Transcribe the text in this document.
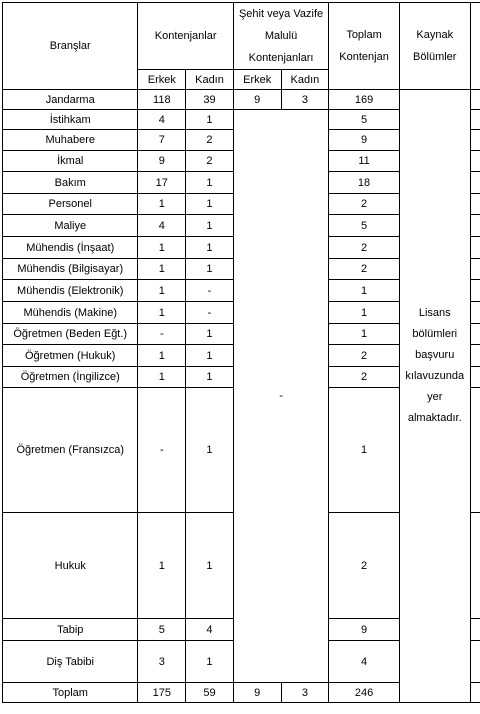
Branşlar	Kontenjanlar		Şehit veya Vazife Malulü Kontenjanları		Toplam Kontenjan	Kaynak Bölümler	
	Erkek	Kadın	Erkek	Kadın			
Jandarma	118	39	9	3	169	Lisans bölümleri başvuru kılavuzunda yer almaktadır.	
İstihkam	4	1	-		5		
Muhabere	7	2			9		
İkmal	9	2			11		
Bakım	17	1			18		
Personel	1	1			2		
Maliye	4	1			5		
Mühendis (İnşaat)	1	1			2		
Mühendis (Bilgisayar)	1	1			2		
Mühendis (Elektronik)	1	-			1		
Mühendis (Makine)	1	-			1		
Öğretmen (Beden Eğt.)	-	1			1		
Öğretmen (Hukuk)	1	1			2		
Öğretmen (İngilizce)	1	1			2		
Öğretmen (Fransızca)	-	1			1		
Hukuk	1	1			2		
Tabip	5	4			9		
Diş Tabibi	3	1			4		
Toplam	175	59	9	3	246		
